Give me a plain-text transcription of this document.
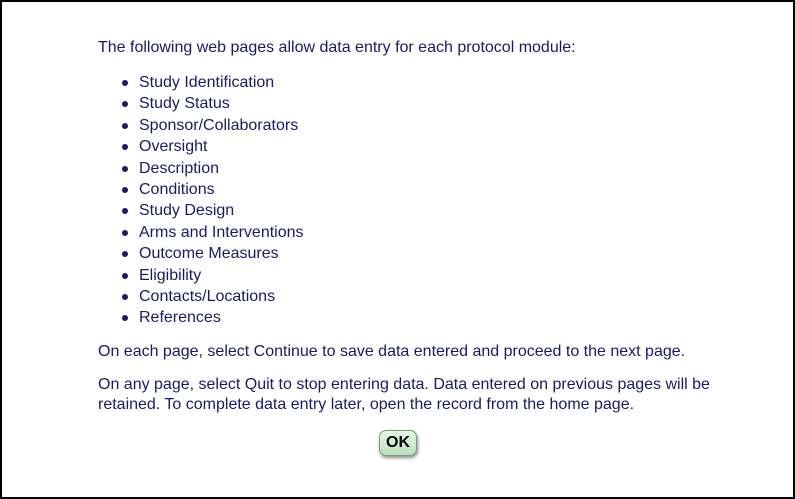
The following web pages allow data entry for each protocol module:

Study Identification
Study Status
Sponsor/Collaborators
Oversight
Description
Conditions
Study Design
Arms and Interventions
Outcome Measures
Eligibility
Contacts/Locations
References

On each page, select Continue to save data entered and proceed to the next page.

On any page, select Quit to stop entering data. Data entered on previous pages will be retained. To complete data entry later, open the record from the home page.

OK
